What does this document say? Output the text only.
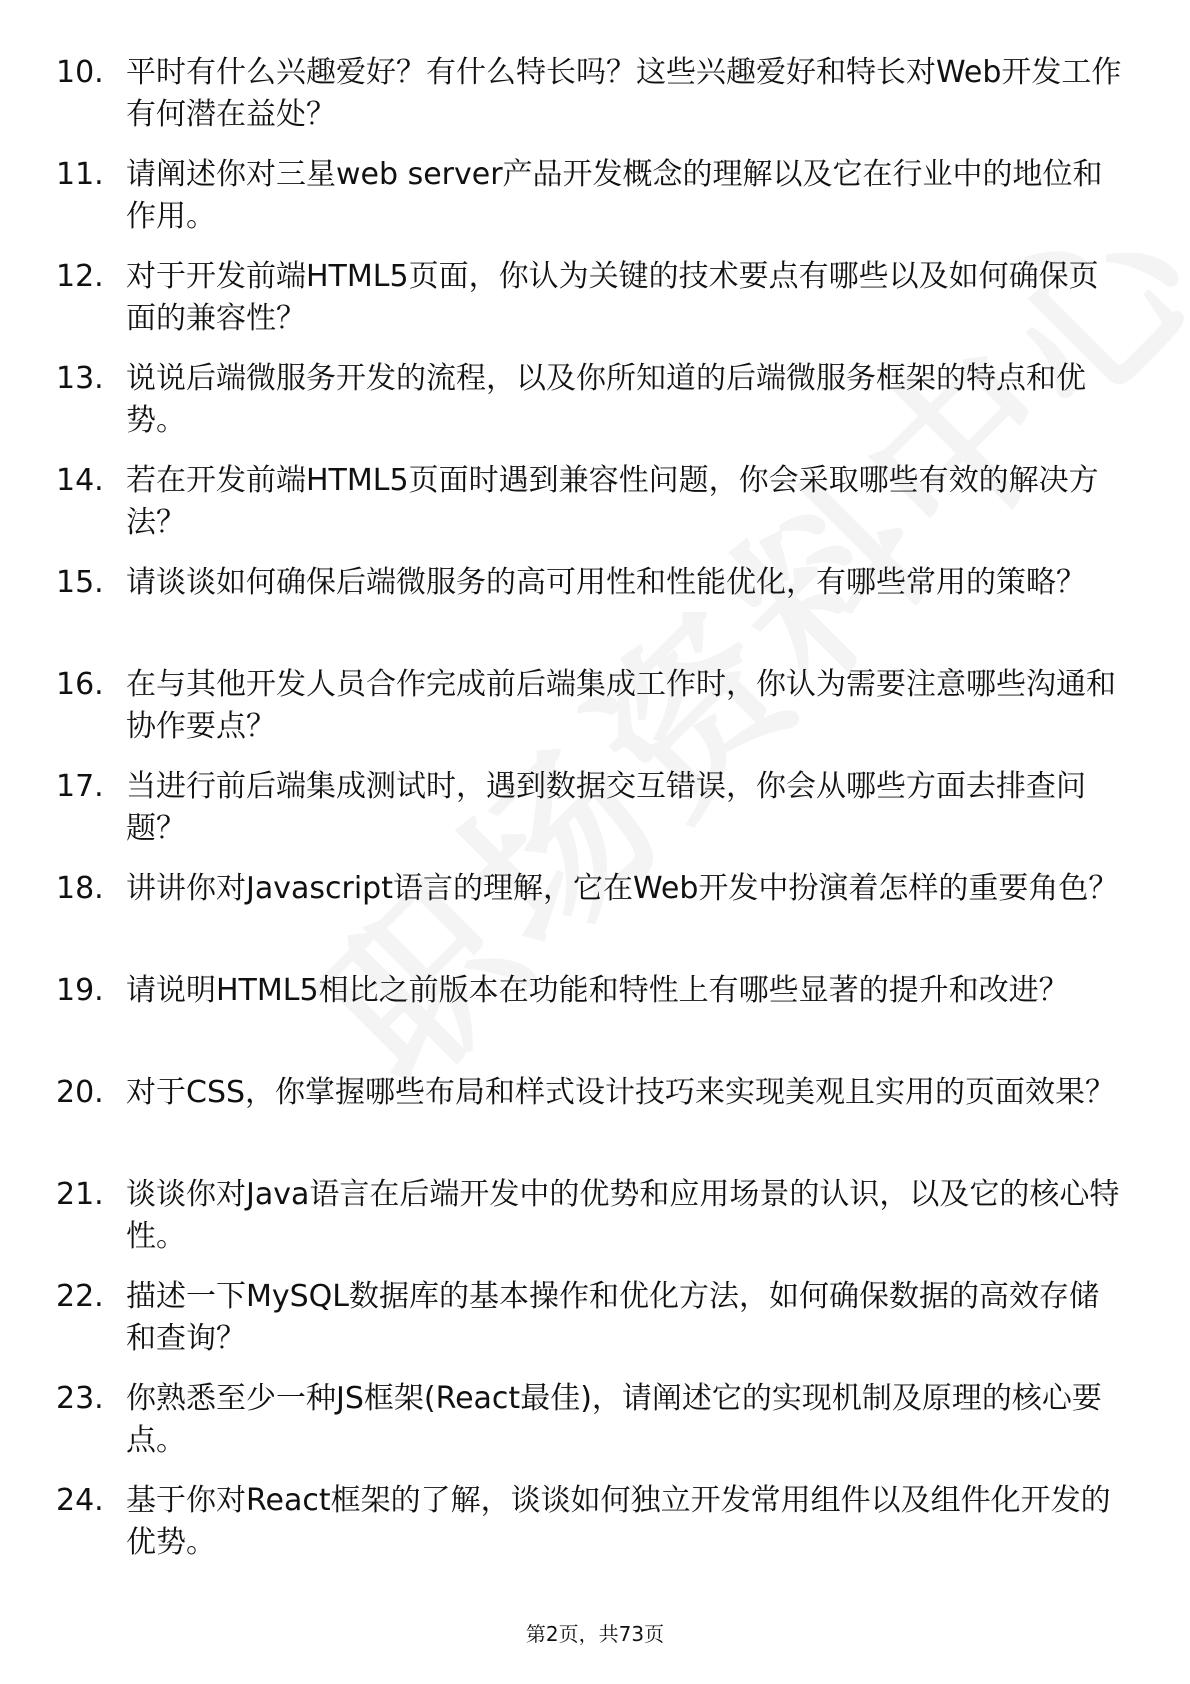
10. 平时有什么兴趣爱好？有什么特长吗？这些兴趣爱好和特长对Web开发工作有何潜在益处？
11. 请阐述你对三星web server产品开发概念的理解以及它在行业中的地位和作用。
12. 对于开发前端HTML5页面，你认为关键的技术要点有哪些以及如何确保页面的兼容性？
13. 说说后端微服务开发的流程，以及你所知道的后端微服务框架的特点和优势。
14. 若在开发前端HTML5页面时遇到兼容性问题，你会采取哪些有效的解决方法？
15. 请谈谈如何确保后端微服务的高可用性和性能优化，有哪些常用的策略？
16. 在与其他开发人员合作完成前后端集成工作时，你认为需要注意哪些沟通和协作要点？
17. 当进行前后端集成测试时，遇到数据交互错误，你会从哪些方面去排查问题？
18. 讲讲你对Javascript语言的理解，它在Web开发中扮演着怎样的重要角色？
19. 请说明HTML5相比之前版本在功能和特性上有哪些显著的提升和改进？
20. 对于CSS，你掌握哪些布局和样式设计技巧来实现美观且实用的页面效果？
21. 谈谈你对Java语言在后端开发中的优势和应用场景的认识，以及它的核心特性。
22. 描述一下MySQL数据库的基本操作和优化方法，如何确保数据的高效存储和查询？
23. 你熟悉至少一种JS框架(React最佳)，请阐述它的实现机制及原理的核心要点。
24. 基于你对React框架的了解，谈谈如何独立开发常用组件以及组件化开发的优势。
第2页，共73页
